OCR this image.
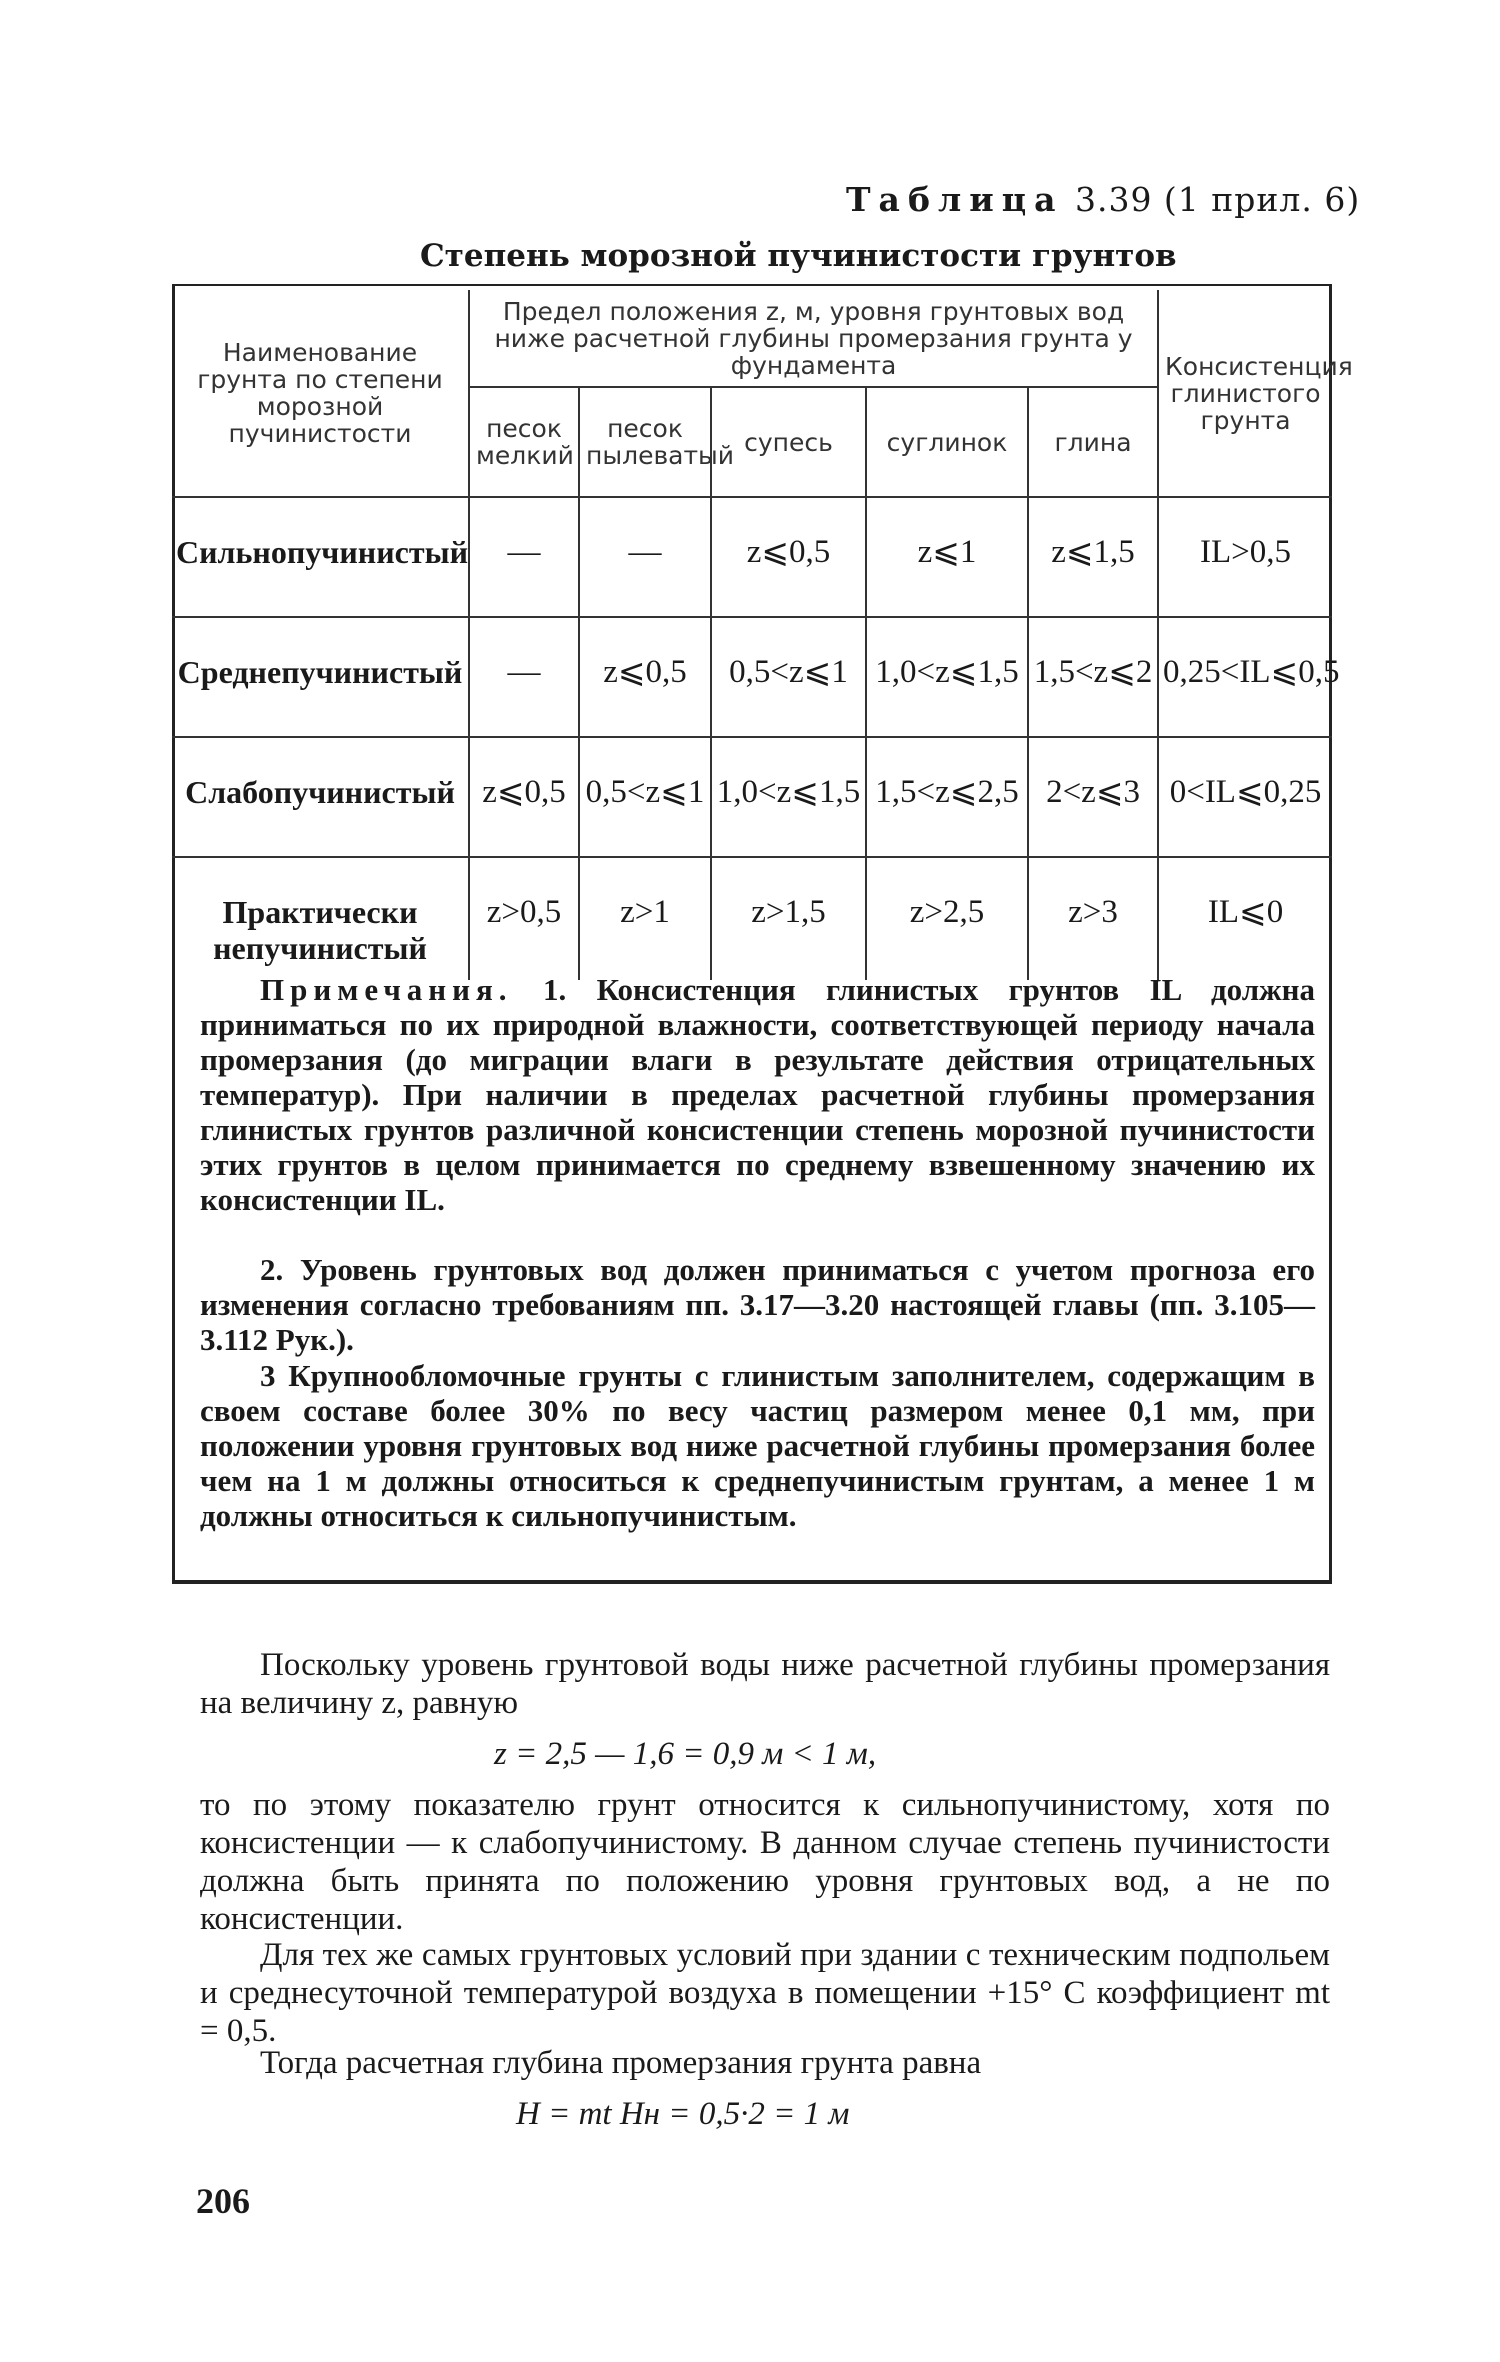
Таблица 3.39 (1 прил. 6)
Степень морозной пучинистости грунтов
Наименование грунта по степени морозной пучинистости	Предел положения z, м, уровня грунтовых вод ниже расчетной глубины промерзания грунта у фундамента					Консистенция глинистого грунта
	песок мелкий	песок пылеватый	супесь	суглинок	глина	

Сильнопучинистый	—	—	z⩽0,5	z⩽1	z⩽1,5	IL>0,5
Среднепучинистый	—	z⩽0,5	0,5<z⩽1	1,0<z⩽1,5	1,5<z⩽2	0,25<IL⩽0,5
Слабопучинистый	z⩽0,5	0,5<z⩽1	1,0<z⩽1,5	1,5<z⩽2,5	2<z⩽3	0<IL⩽0,25
Практически непучинистый	z>0,5	z>1	z>1,5	z>2,5	z>3	IL⩽0
Примечания. 1. Консистенция глинистых грунтов IL должна приниматься по их природной влажности, соответствующей периоду начала промерзания (до миграции влаги в результате действия отрицательных температур). При наличии в пределах расчетной глубины промерзания глинистых грунтов различной консистенции степень морозной пучинистости этих грунтов в целом принимается по среднему взвешенному значению их консистенции IL.
2. Уровень грунтовых вод должен приниматься с учетом прогноза его изменения согласно требованиям пп. 3.17—3.20 настоящей главы (пп. 3.105—3.112 Рук.).
3 Крупнообломочные грунты с глинистым заполнителем, содержащим в своем составе более 30% по весу частиц размером менее 0,1 мм, при положении уровня грунтовых вод ниже расчетной глубины промерзания более чем на 1 м должны относиться к среднепучинистым грунтам, а менее 1 м должны относиться к сильнопучинистым.
Поскольку уровень грунтовой воды ниже расчетной глубины промерзания на величину z, равную
z = 2,5 — 1,6 = 0,9 м < 1 м,
то по этому показателю грунт относится к сильнопучинистому, хотя по консистенции — к слабопучинистому. В данном случае степень пучинистости должна быть принята по положению уровня грунтовых вод, а не по консистенции.
Для тех же самых грунтовых условий при здании с техническим подпольем и среднесуточной температурой воздуха в помещении +15° С коэффициент mt = 0,5.
Тогда расчетная глубина промерзания грунта равна
H = mt Hн = 0,5·2 = 1 м
206
